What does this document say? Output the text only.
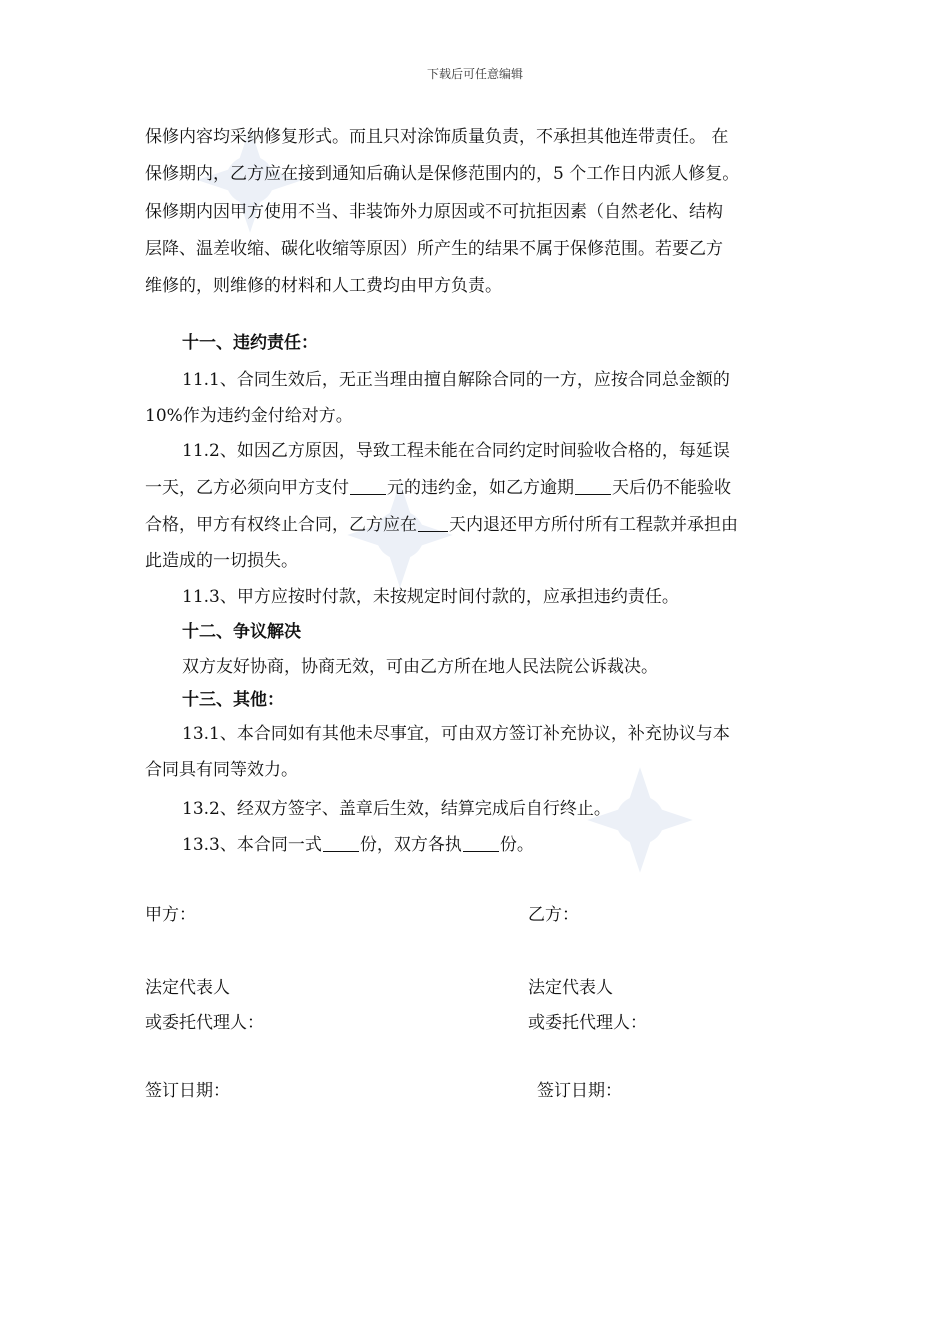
下载后可任意编辑
保修内容均采纳修复形式。而且只对涂饰质量负责，不承担其他连带责任。 在
保修期内，乙方应在接到通知后确认是保修范围内的，5 个工作日内派人修复。
保修期内因甲方使用不当、非装饰外力原因或不可抗拒因素（自然老化、结构
层降、温差收缩、碳化收缩等原因）所产生的结果不属于保修范围。若要乙方
维修的，则维修的材料和人工费均由甲方负责。
十一、违约责任：
11.1、合同生效后，无正当理由擅自解除合同的一方，应按合同总金额的
10%作为违约金付给对方。
11.2、如因乙方原因，导致工程未能在合同约定时间验收合格的，每延误
一天，乙方必须向甲方支付 元的违约金，如乙方逾期 天后仍不能验收
合格，甲方有权终止合同，乙方应在 天内退还甲方所付所有工程款并承担由
此造成的一切损失。
11.3、甲方应按时付款，未按规定时间付款的，应承担违约责任。
十二、争议解决
双方友好协商，协商无效，可由乙方所在地人民法院公诉裁决。
十三、其他：
13.1、本合同如有其他未尽事宜，可由双方签订补充协议，补充协议与本
合同具有同等效力。
13.2、经双方签字、盖章后生效，结算完成后自行终止。
13.3、本合同一式 份，双方各执 份。
甲方：	乙方：
法定代表人	法定代表人
或委托代理人：	或委托代理人：
签订日期：	签订日期：
